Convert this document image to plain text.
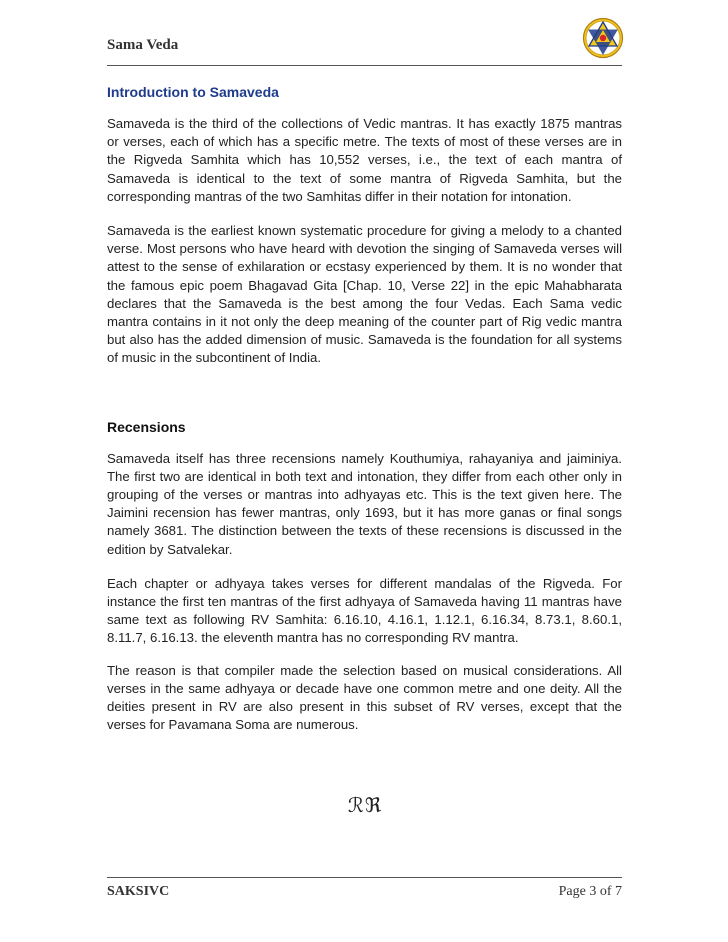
Sama Veda
Introduction to Samaveda

Samaveda is the third of the collections of Vedic mantras. It has exactly 1875 mantras or verses, each of which has a specific metre. The texts of most of these verses are in the Rigveda Samhita which has 10,552 verses, i.e., the text of each mantra of Samaveda is identical to the text of some mantra of Rigveda Samhita, but the corresponding mantras of the two Samhitas differ in their notation for intonation.

Samaveda is the earliest known systematic procedure for giving a melody to a chanted verse. Most persons who have heard with devotion the singing of Samaveda verses will attest to the sense of exhilaration or ecstasy experienced by them. It is no wonder that the famous epic poem Bhagavad Gita [Chap. 10, Verse 22] in the epic Mahabharata declares that the Samaveda is the best among the four Vedas. Each Sama vedic mantra contains in it not only the deep meaning of the counter part of Rig vedic mantra but also has the added dimension of music. Samaveda is the foundation for all systems of music in the subcontinent of India.

Recensions

Samaveda itself has three recensions namely Kouthumiya, rahayaniya and jaiminiya. The first two are identical in both text and intonation, they differ from each other only in grouping of the verses or mantras into adhyayas etc. This is the text given here. The Jaimini recension has fewer mantras, only 1693, but it has more ganas or final songs namely 3681. The distinction between the texts of these recensions is discussed in the edition by Satvalekar.

Each chapter or adhyaya takes verses for different mandalas of the Rigveda. For instance the first ten mantras of the first adhyaya of Samaveda having 11 mantras have same text as following RV Samhita: 6.16.10, 4.16.1, 1.12.1, 6.16.34, 8.73.1, 8.60.1, 8.11.7, 6.16.13. the eleventh mantra has no corresponding RV mantra.

The reason is that compiler made the selection based on musical considerations. All verses in the same adhyaya or decade have one common metre and one deity. All the deities present in RV are also present in this subset of RV verses, except that the verses for Pavamana Soma are numerous.

ℛℜ
SAKSIVC	Page 3 of 7
